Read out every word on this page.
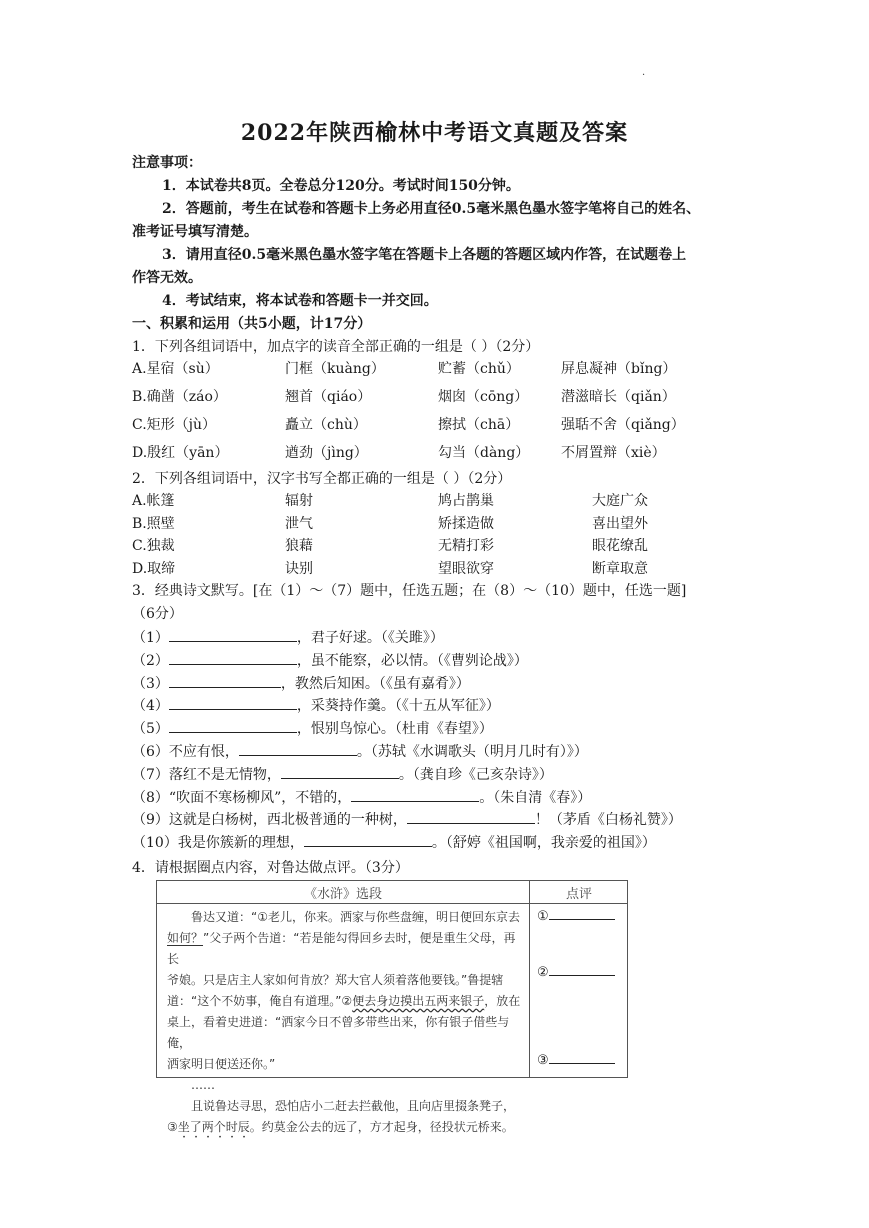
·
2022年陕西榆林中考语文真题及答案
注意事项：
1．本试卷共8页。全卷总分120分。考试时间150分钟。
2．答题前，考生在试卷和答题卡上务必用直径0.5毫米黑色墨水签字笔将自己的姓名、
准考证号填写清楚。
3．请用直径0.5毫米黑色墨水签字笔在答题卡上各题的答题区域内作答，在试题卷上
作答无效。
4．考试结束，将本试卷和答题卡一并交回。
一、积累和运用（共5小题，计17分）
1．下列各组词语中，加点字的读音全部正确的一组是（ ）（2分）
A.星宿（sù）	门框（kuàng）	贮蓄（chǔ）	屏息凝神（bǐng）
B.确凿（záo）	翘首（qiáo）	烟囱（cōng） 潜滋暗长（qiǎn）
C.矩形（jù）	矗立（chù）	擦拭（chā）	强聒不舍（qiǎng）
D.殷红（yān）	遒劲（jìng）	勾当（dàng） 不屑置辩（xiè）
2．下列各组词语中，汉字书写全都正确的一组是（ ）（2分）
A.帐篷	辐射	鸠占鹊巢	大庭广众
B.照壁	泄气	矫揉造做	喜出望外
C.独裁	狼藉	无精打彩	眼花缭乱
D.取缔	诀别	望眼欲穿	断章取意
3．经典诗文默写。[在（1）～（7）题中，任选五题；在（8）～（10）题中，任选一题]
（6分）
（1）	，君子好逑。（《关雎》）
（2）	，虽不能察，必以情。（《曹刿论战》）
（3）	，教然后知困。（《虽有嘉肴》）
（4）	，采葵持作羹。（《十五从军征》）
（5）	，恨别鸟惊心。（杜甫《春望》）
（6）不应有恨，	。（苏轼《水调歌头（明月几时有）》）
（7）落红不是无情物，	。（龚自珍《己亥杂诗》）
（8）“吹面不寒杨柳风”，不错的，	。（朱自清《春》）
（9）这就是白杨树，西北极普通的一种树，	！（茅盾《白杨礼赞》）
（10）我是你簇新的理想，	。（舒婷《祖国啊，我亲爱的祖国》）
4．请根据圈点内容，对鲁达做点评。（3分）
《水浒》选段	点评

鲁达又道：“①老儿，你来。洒家与你些盘缠，明日便回东京去

如何？”父子两个告道：“若是能勾得回乡去时，便是重生父母，再长
爷娘。只是店主人家如何肯放？郑大官人须着落他要钱。”鲁提辖
道：“这个不妨事，俺自有道理。”②便去身边摸出五两来银子，放在
桌上，看着史进道：“洒家今日不曾多带些出来，你有银子借些与俺，
洒家明日便送还你。”

……

且说鲁达寻思，恐怕店小二赶去拦截他，且向店里掇条凳子，

③坐了两个时辰。约莫金公去的远了，方才起身，径投状元桥来。
①
②
③
